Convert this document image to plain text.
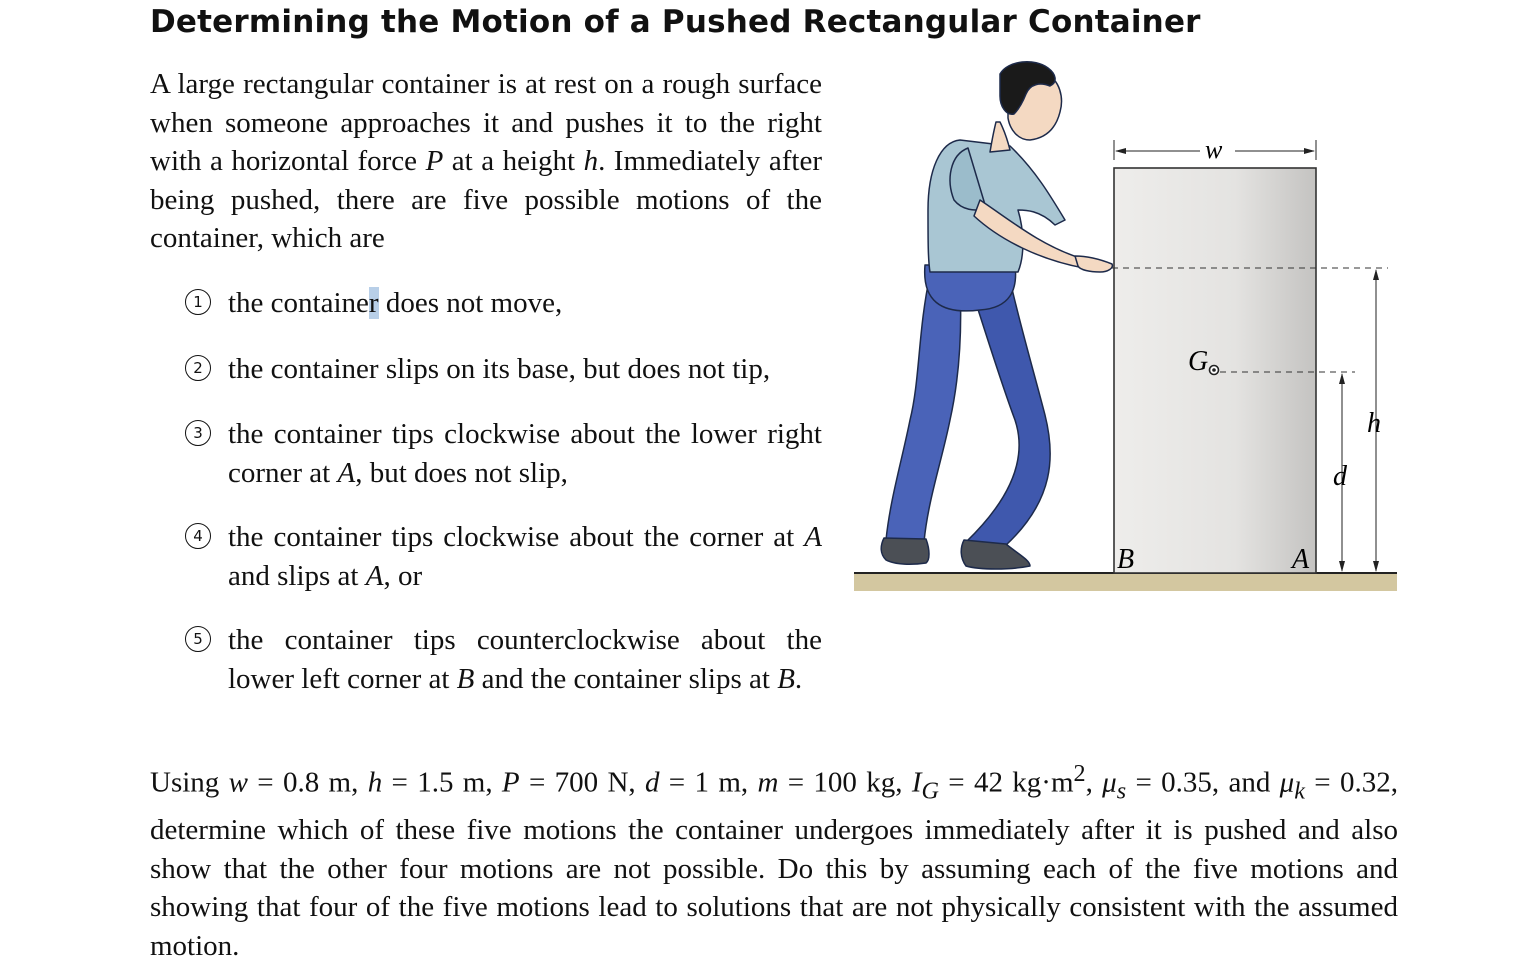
Determining the Motion of a Pushed Rectangular Container

A large rectangular container is at rest on a rough surface when someone approaches it and pushes it to the right with a horizontal force P at a height h. Immediately after being pushed, there are five possible motions of the container, which are

1 the container does not move,
2 the container slips on its base, but does not tip,
3 the container tips clockwise about the lower right corner at A, but does not slip,
4 the container tips clockwise about the corner at A and slips at A, or
5 the container tips counterclockwise about the lower left corner at B and the container slips at B.

Using w = 0.8 m, h = 1.5 m, P = 700 N, d = 1 m, m = 100 kg, $I_G = 42$ $kg\cdot m^2$, $\mu_s = 0.35$, and $\mu_k = 0.32$, determine which of these five motions the container undergoes immediately after it is pushed and also show that the other four motions are not possible. Do this by assuming each of the five motions and showing that four of the five motions lead to solutions that are not physically consistent with the assumed motion.

w
h
G
d
B	A
